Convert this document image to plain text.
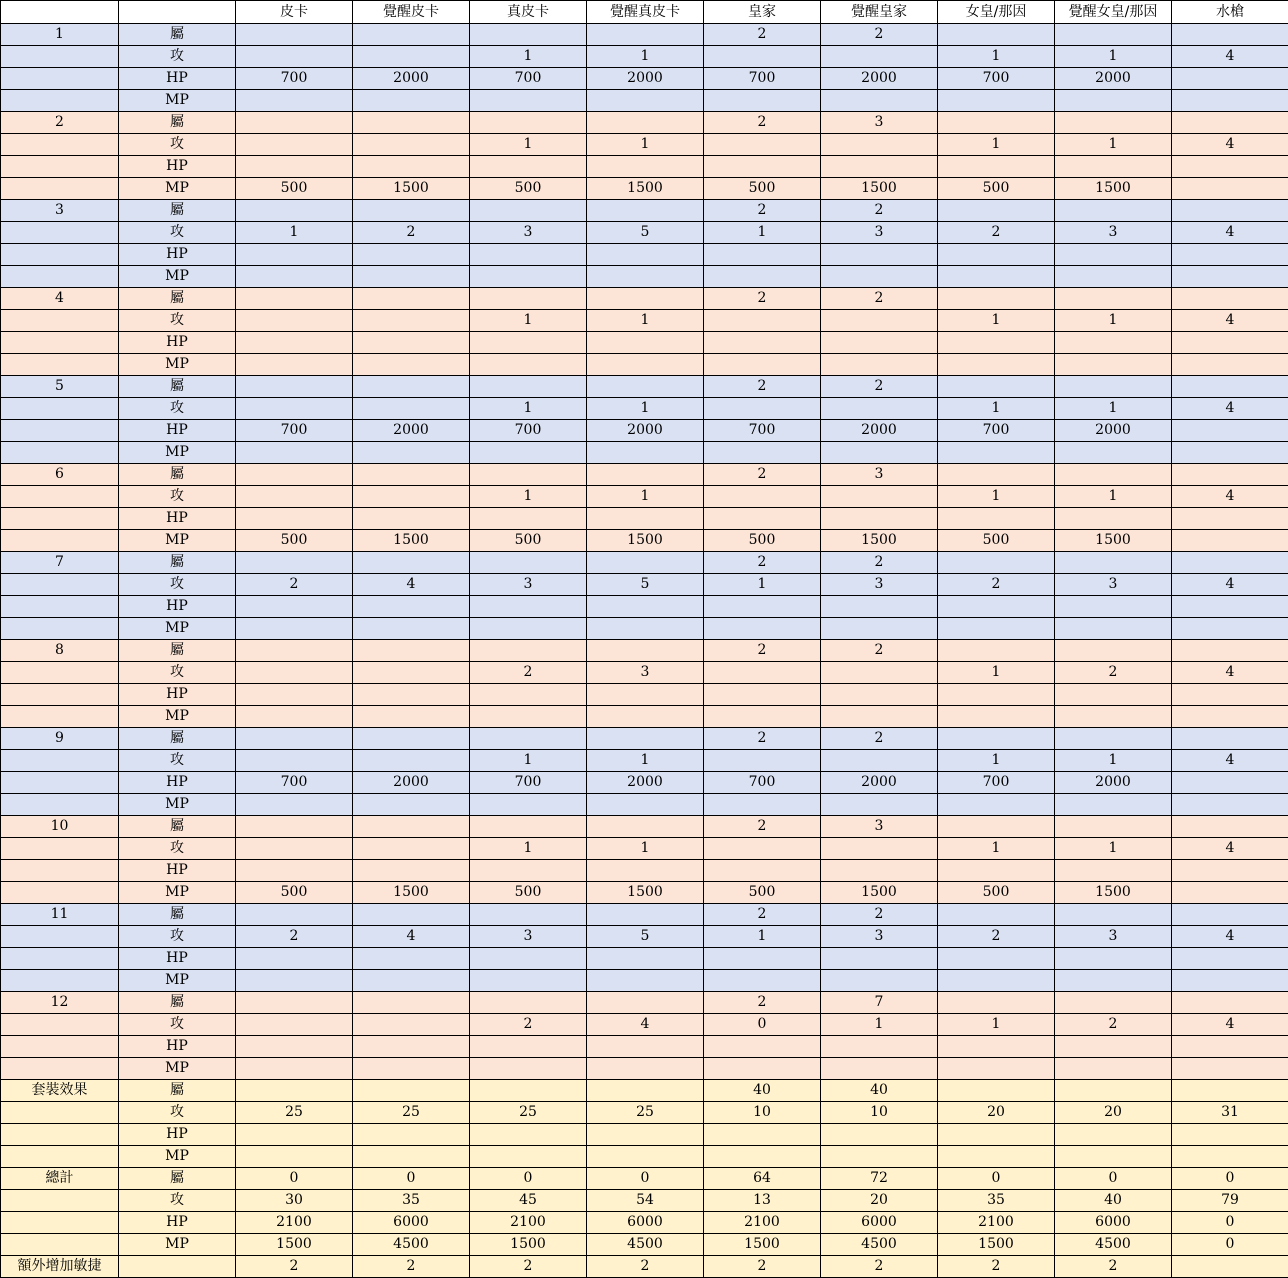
		皮卡	覺醒皮卡	真皮卡	覺醒真皮卡	皇家	覺醒皇家	女皇/那因	覺醒女皇/那因	水槍
1	屬					2	2			
	攻			1	1			1	1	4
	HP	700	2000	700	2000	700	2000	700	2000	
	MP									
2	屬					2	3			
	攻			1	1			1	1	4
	HP									
	MP	500	1500	500	1500	500	1500	500	1500	
3	屬					2	2			
	攻	1	2	3	5	1	3	2	3	4
	HP									
	MP									
4	屬					2	2			
	攻			1	1			1	1	4
	HP									
	MP									
5	屬					2	2			
	攻			1	1			1	1	4
	HP	700	2000	700	2000	700	2000	700	2000	
	MP									
6	屬					2	3			
	攻			1	1			1	1	4
	HP									
	MP	500	1500	500	1500	500	1500	500	1500	
7	屬					2	2			
	攻	2	4	3	5	1	3	2	3	4
	HP									
	MP									
8	屬					2	2			
	攻			2	3			1	2	4
	HP									
	MP									
9	屬					2	2			
	攻			1	1			1	1	4
	HP	700	2000	700	2000	700	2000	700	2000	
	MP									
10	屬					2	3			
	攻			1	1			1	1	4
	HP									
	MP	500	1500	500	1500	500	1500	500	1500	
11	屬					2	2			
	攻	2	4	3	5	1	3	2	3	4
	HP									
	MP									
12	屬					2	7			
	攻			2	4	0	1	1	2	4
	HP									
	MP									
套裝效果	屬					40	40			
	攻	25	25	25	25	10	10	20	20	31
	HP									
	MP									
總計	屬	0	0	0	0	64	72	0	0	0
	攻	30	35	45	54	13	20	35	40	79
	HP	2100	6000	2100	6000	2100	6000	2100	6000	0
	MP	1500	4500	1500	4500	1500	4500	1500	4500	0
額外增加敏捷		2	2	2	2	2	2	2	2	
